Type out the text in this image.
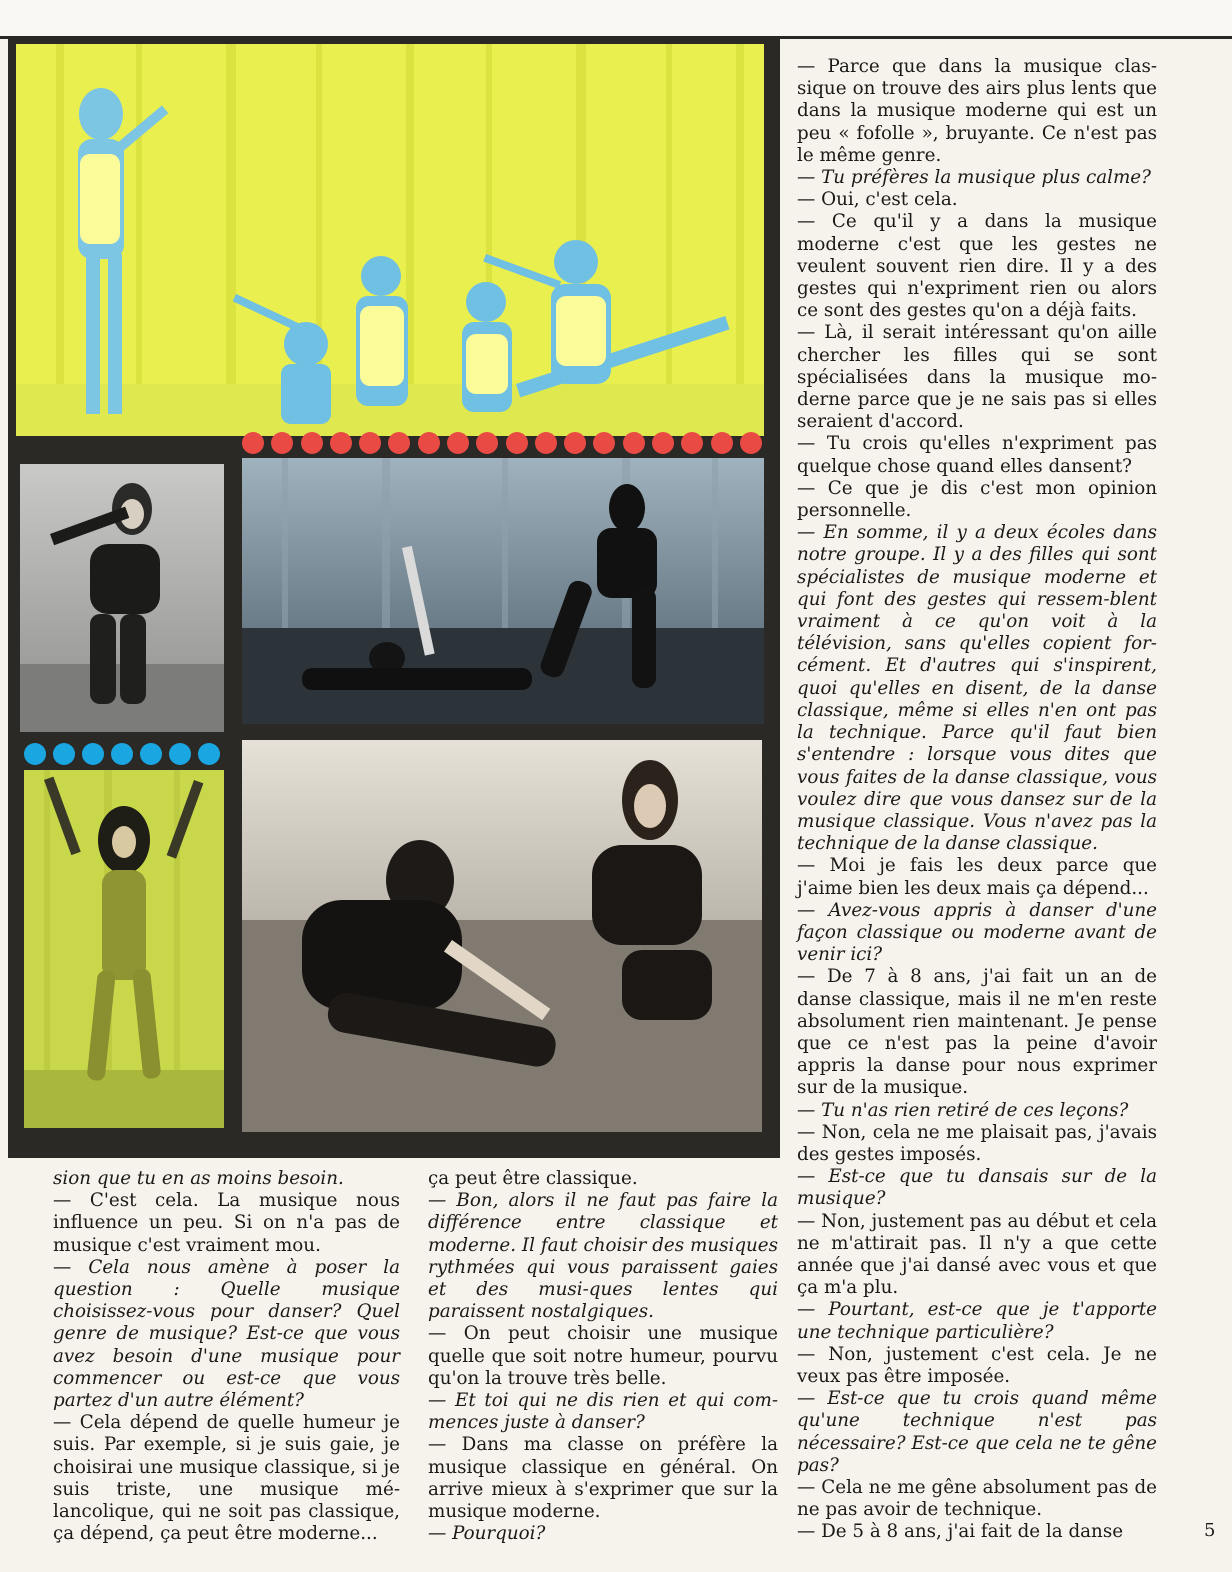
— Parce que dans la musique clas-sique on trouve des airs plus lents que dans la musique moderne qui est un peu « fofolle », bruyante. Ce n'est pas le même genre.

— Tu préfères la musique plus calme?

— Oui, c'est cela.

— Ce qu'il y a dans la musique moderne c'est que les gestes ne veulent souvent rien dire. Il y a des gestes qui n'expriment rien ou alors ce sont des gestes qu'on a déjà faits.

— Là, il serait intéressant qu'on aille chercher les filles qui se sont spécialisées dans la musique mo-derne parce que je ne sais pas si elles seraient d'accord.

— Tu crois qu'elles n'expriment pas quelque chose quand elles dansent?

— Ce que je dis c'est mon opinion personnelle.

— En somme, il y a deux écoles dans notre groupe. Il y a des filles qui sont spécialistes de musique moderne et qui font des gestes qui ressem-blent vraiment à ce qu'on voit à la télévision, sans qu'elles copient for-cément. Et d'autres qui s'inspirent, quoi qu'elles en disent, de la danse classique, même si elles n'en ont pas la technique. Parce qu'il faut bien s'entendre : lorsque vous dites que vous faites de la danse classique, vous voulez dire que vous dansez sur de la musique classique. Vous n'avez pas la technique de la danse classique.

— Moi je fais les deux parce que j'aime bien les deux mais ça dépend...

— Avez-vous appris à danser d'une façon classique ou moderne avant de venir ici?

— De 7 à 8 ans, j'ai fait un an de danse classique, mais il ne m'en reste absolument rien maintenant. Je pense que ce n'est pas la peine d'avoir appris la danse pour nous exprimer sur de la musique.

— Tu n'as rien retiré de ces leçons?

— Non, cela ne me plaisait pas, j'avais des gestes imposés.

— Est-ce que tu dansais sur de la musique?

— Non, justement pas au début et cela ne m'attirait pas. Il n'y a que cette année que j'ai dansé avec vous et que ça m'a plu.

— Pourtant, est-ce que je t'apporte une technique particulière?

— Non, justement c'est cela. Je ne veux pas être imposée.

— Est-ce que tu crois quand même qu'une technique n'est pas nécessaire? Est-ce que cela ne te gêne pas?

— Cela ne me gêne absolument pas de ne pas avoir de technique.

— De 5 à 8 ans, j'ai fait de la danse

sion que tu en as moins besoin.

— C'est cela. La musique nous influence un peu. Si on n'a pas de musique c'est vraiment mou.

— Cela nous amène à poser la question : Quelle musique choisissez-vous pour danser? Quel genre de musique? Est-ce que vous avez besoin d'une musique pour commencer ou est-ce que vous partez d'un autre élément?

— Cela dépend de quelle humeur je suis. Par exemple, si je suis gaie, je choisirai une musique classique, si je suis triste, une musique mé-lancolique, qui ne soit pas classique, ça dépend, ça peut être moderne...

ça peut être classique.

— Bon, alors il ne faut pas faire la différence entre classique et moderne. Il faut choisir des musiques rythmées qui vous paraissent gaies et des musi-ques lentes qui paraissent nostalgiques.

— On peut choisir une musique quelle que soit notre humeur, pourvu qu'on la trouve très belle.

— Et toi qui ne dis rien et qui com-mences juste à danser?

— Dans ma classe on préfère la musique classique en général. On arrive mieux à s'exprimer que sur la musique moderne.

— Pourquoi?	5
